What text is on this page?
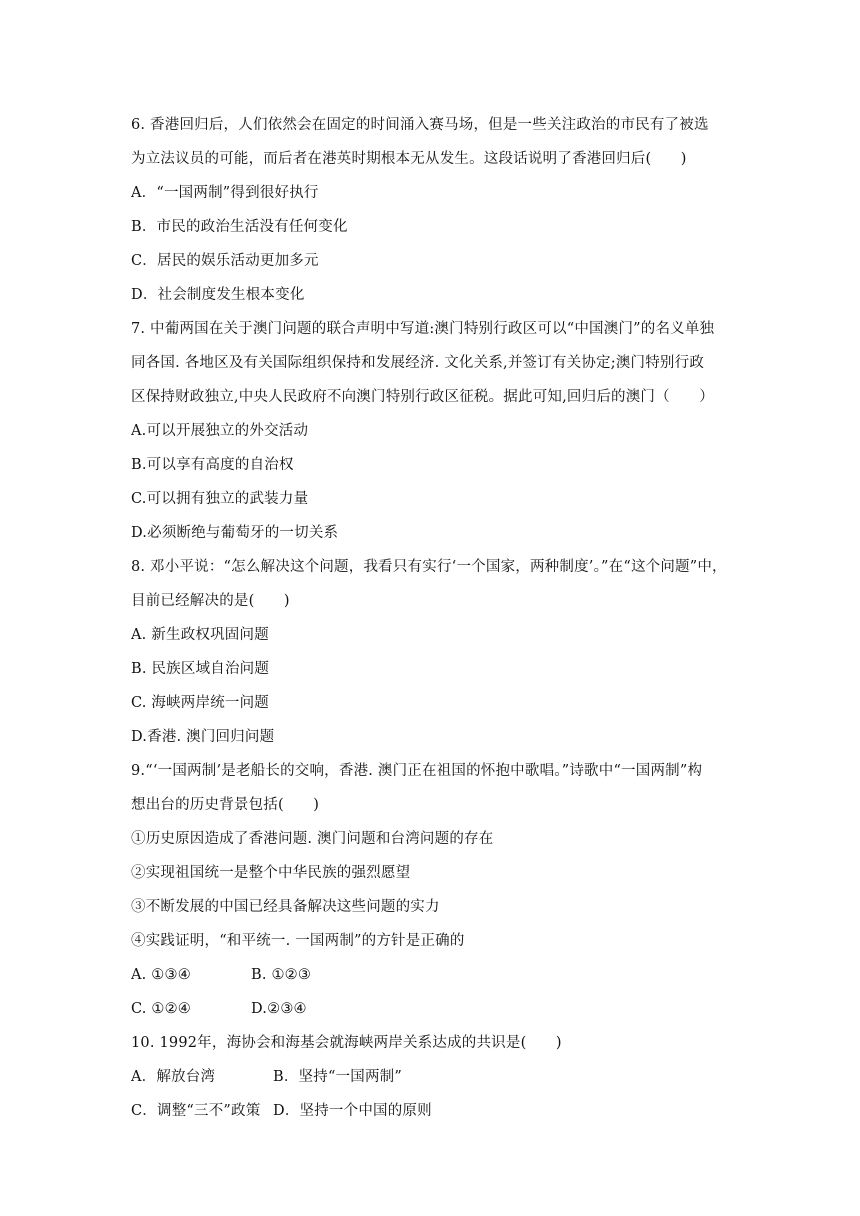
6. 香港回归后，人们依然会在固定的时间涌入赛马场，但是一些关注政治的市民有了被选
为立法议员的可能，而后者在港英时期根本无从发生。这段话说明了香港回归后(　　)
A．“一国两制”得到很好执行
B．市民的政治生活没有任何变化
C．居民的娱乐活动更加多元
D．社会制度发生根本变化
7. 中葡两国在关于澳门问题的联合声明中写道:澳门特别行政区可以“中国澳门”的名义单独
同各国. 各地区及有关国际组织保持和发展经济. 文化关系,并签订有关协定;澳门特别行政
区保持财政独立,中央人民政府不向澳门特别行政区征税。据此可知,回归后的澳门（　　）
A.可以开展独立的外交活动
B.可以享有高度的自治权
C.可以拥有独立的武装力量
D.必须断绝与葡萄牙的一切关系
8. 邓小平说：“怎么解决这个问题，我看只有实行‘一个国家，两种制度’。”在“这个问题”中，
目前已经解决的是(　　)
A. 新生政权巩固问题
B. 民族区域自治问题
C. 海峡两岸统一问题
D.香港. 澳门回归问题
9.“‘一国两制’是老船长的交响，香港. 澳门正在祖国的怀抱中歌唱。”诗歌中“一国两制”构
想出台的历史背景包括(　　)
①历史原因造成了香港问题. 澳门问题和台湾问题的存在
②实现祖国统一是整个中华民族的强烈愿望
③不断发展的中国已经具备解决这些问题的实力
④实践证明，“和平统一. 一国两制”的方针是正确的
A. ①③④	B. ①②③
C. ①②④	D.②③④
10. 1992年，海协会和海基会就海峡两岸关系达成的共识是(　　)
A．解放台湾	B．坚持“一国两制”
C．调整“三不”政策 D．坚持一个中国的原则
